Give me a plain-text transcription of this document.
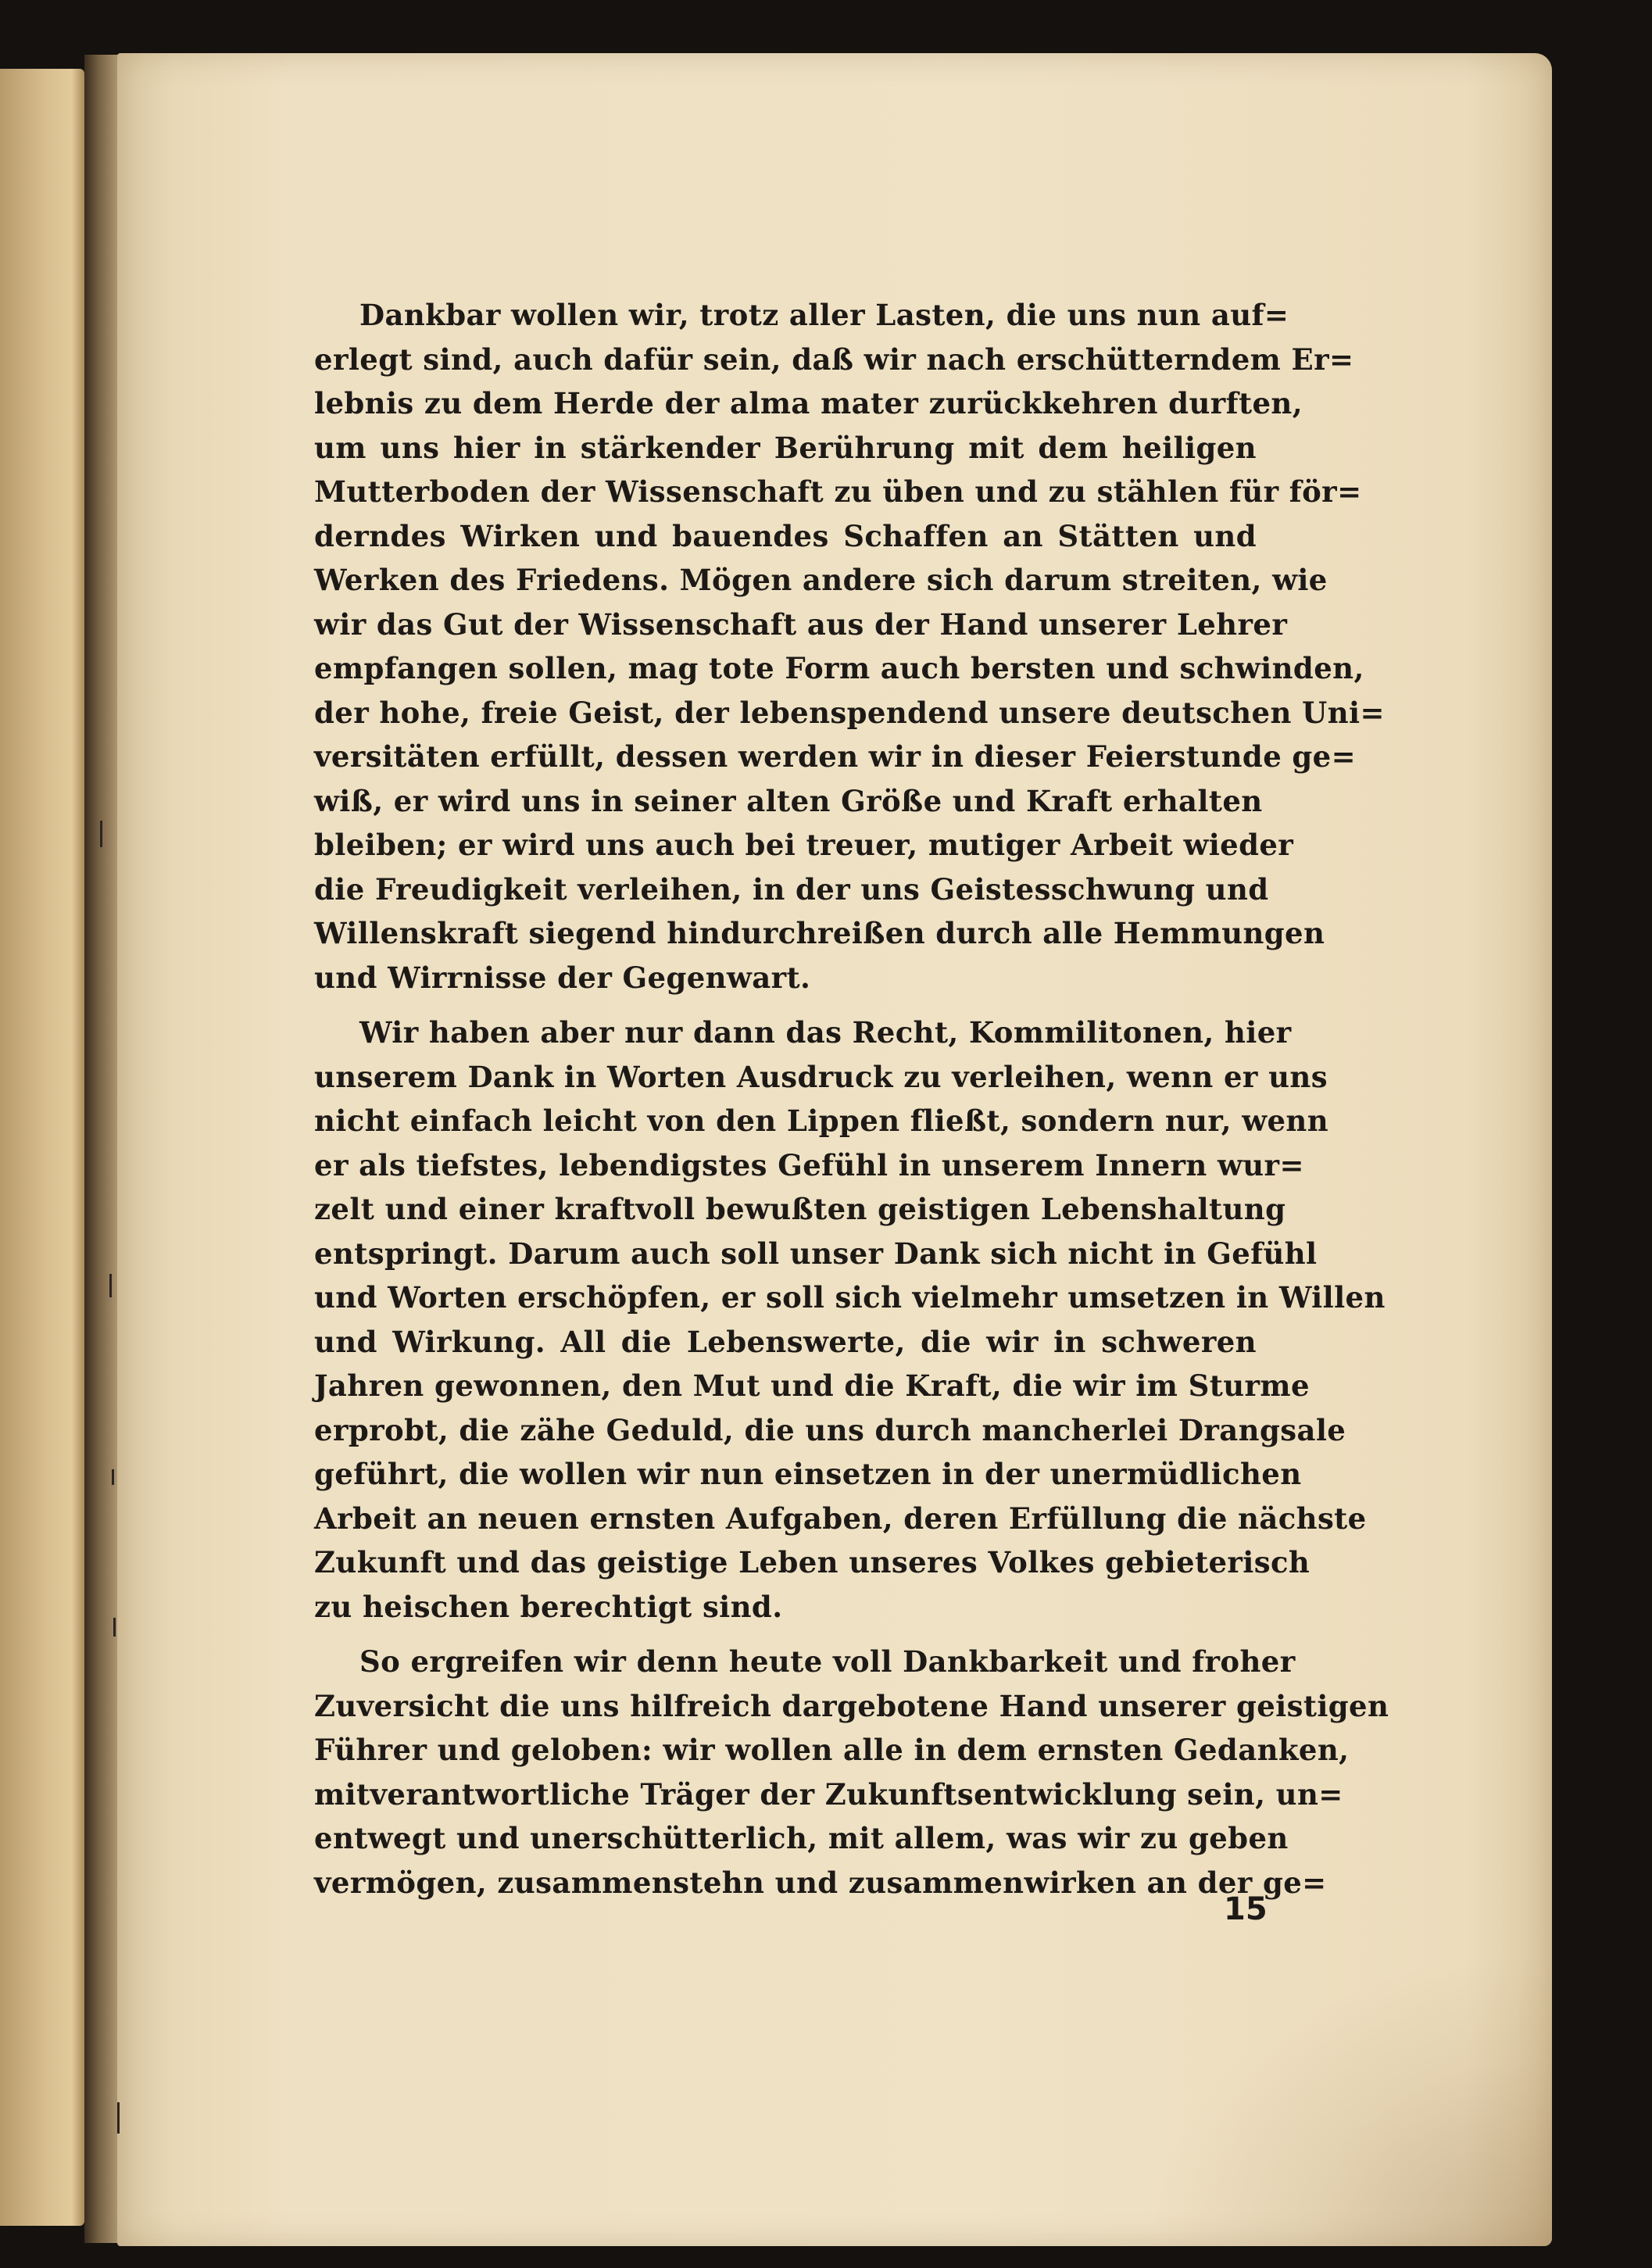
Dankbar wollen wir, trotz aller Lasten, die uns nun auf=
erlegt sind, auch dafür sein, daß wir nach erschütterndem Er=
lebnis zu dem Herde der alma mater zurückkehren durften,
um uns hier in stärkender Berührung mit dem heiligen
Mutterboden der Wissenschaft zu üben und zu stählen für för=
derndes Wirken und bauendes Schaffen an Stätten und
Werken des Friedens. Mögen andere sich darum streiten, wie
wir das Gut der Wissenschaft aus der Hand unserer Lehrer
empfangen sollen, mag tote Form auch bersten und schwinden,
der hohe, freie Geist, der lebenspendend unsere deutschen Uni=
versitäten erfüllt, dessen werden wir in dieser Feierstunde ge=
wiß, er wird uns in seiner alten Größe und Kraft erhalten
bleiben; er wird uns auch bei treuer, mutiger Arbeit wieder
die Freudigkeit verleihen, in der uns Geistesschwung und
Willenskraft siegend hindurchreißen durch alle Hemmungen
und Wirrnisse der Gegenwart.
Wir haben aber nur dann das Recht, Kommilitonen, hier
unserem Dank in Worten Ausdruck zu verleihen, wenn er uns
nicht einfach leicht von den Lippen fließt, sondern nur, wenn
er als tiefstes, lebendigstes Gefühl in unserem Innern wur=
zelt und einer kraftvoll bewußten geistigen Lebenshaltung
entspringt. Darum auch soll unser Dank sich nicht in Gefühl
und Worten erschöpfen, er soll sich vielmehr umsetzen in Willen
und Wirkung. All die Lebenswerte, die wir in schweren
Jahren gewonnen, den Mut und die Kraft, die wir im Sturme
erprobt, die zähe Geduld, die uns durch mancherlei Drangsale
geführt, die wollen wir nun einsetzen in der unermüdlichen
Arbeit an neuen ernsten Aufgaben, deren Erfüllung die nächste
Zukunft und das geistige Leben unseres Volkes gebieterisch
zu heischen berechtigt sind.
So ergreifen wir denn heute voll Dankbarkeit und froher
Zuversicht die uns hilfreich dargebotene Hand unserer geistigen
Führer und geloben: wir wollen alle in dem ernsten Gedanken,
mitverantwortliche Träger der Zukunftsentwicklung sein, un=
entwegt und unerschütterlich, mit allem, was wir zu geben
vermögen, zusammenstehn und zusammenwirken an der ge=
15
